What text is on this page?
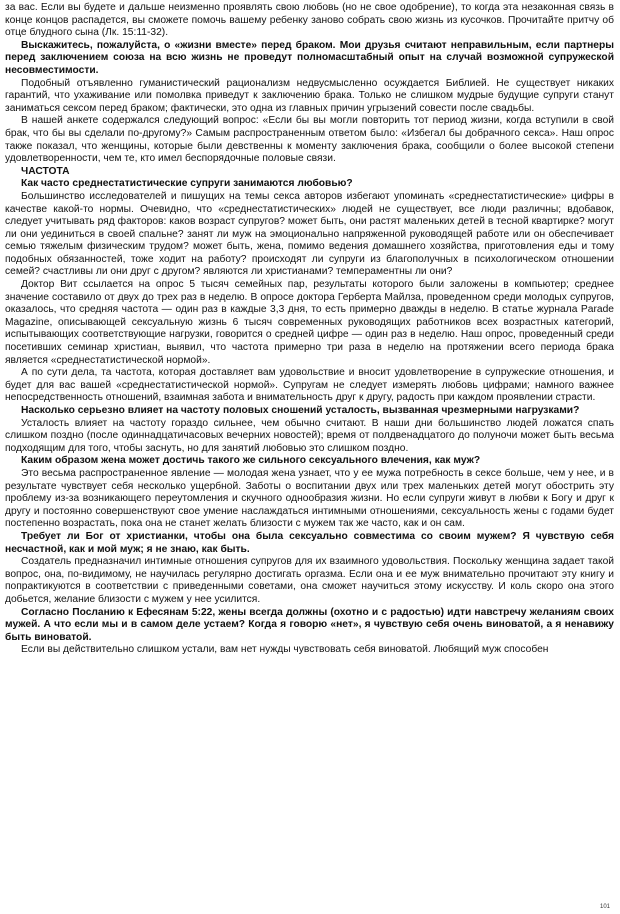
за вас. Если вы будете и дальше неизменно проявлять свою любовь (но не свое одобрение), то когда эта незаконная связь в конце концов распадется, вы сможете помочь вашему ребенку заново собрать свою жизнь из кусочков. Прочитайте притчу об отце блудного сына (Лк. 15:11-32).

Выскажитесь, пожалуйста, о «жизни вместе» перед браком. Мои друзья считают неправильным, если партнеры перед заключением союза на всю жизнь не проведут полномасштабный опыт на случай возможной супружеской несовместимости.

Подобный отъявленно гуманистический рационализм недвусмысленно осуждается Библией. Не существует никаких гарантий, что ухаживание или помолвка приведут к заключению брака. Только не слишком мудрые будущие супруги станут заниматься сексом перед браком; фактически, это одна из главных причин угрызений совести после свадьбы.

В нашей анкете содержался следующий вопрос: «Если бы вы могли повторить тот период жизни, когда вступили в свой брак, что бы вы сделали по-другому?» Самым распространенным ответом было: «Избегал бы добрачного секса». Наш опрос также показал, что женщины, которые были девственны к моменту заключения брака, сообщили о более высокой степени удовлетворенности, чем те, кто имел беспорядочные половые связи.

ЧАСТОТА

Как часто среднестатистические супруги занимаются любовью?

Большинство исследователей и пишущих на темы секса авторов избегают упоминать «среднестатистические» цифры в качестве какой-то нормы. Очевидно, что «среднестатистических» людей не существует, все люди различны; вдобавок, следует учитывать ряд факторов: каков возраст супругов? может быть, они растят маленьких детей в тесной квартирке? могут ли они уединиться в своей спальне? занят ли муж на эмоционально напряженной руководящей работе или он обеспечивает семью тяжелым физическим трудом? может быть, жена, помимо ведения домашнего хозяйства, приготовления еды и тому подобных обязанностей, тоже ходит на работу? происходят ли супруги из благополучных в психологическом отношении семей? счастливы ли они друг с другом? являются ли христианами? темпераментны ли они?

Доктор Вит ссылается на опрос 5 тысяч семейных пар, результаты которого были заложены в компьютер; среднее значение составило от двух до трех раз в неделю. В опросе доктора Герберта Майлза, проведенном среди молодых супругов, оказалось, что средняя частота — один раз в каждые 3,3 дня, то есть примерно дважды в неделю. В статье журнала Parade Magazine, описывающей сексуальную жизнь 6 тысяч современных руководящих работников всех возрастных категорий, испытывающих соответствующие нагрузки, говорится о средней цифре — один раз в неделю. Наш опрос, проведенный среди посетивших семинар христиан, выявил, что частота примерно три раза в неделю на протяжении всего периода брака является «среднестатистической нормой».

А по сути дела, та частота, которая доставляет вам удовольствие и вносит удовлетворение в супружеские отношения, и будет для вас вашей «среднестатистической нормой». Супругам не следует измерять любовь цифрами; намного важнее непосредственность отношений, взаимная забота и внимательность друг к другу, радость при каждом проявлении страсти.

Насколько серьезно влияет на частоту половых сношений усталость, вызванная чрезмерными нагрузками?

Усталость влияет на частоту гораздо сильнее, чем обычно считают. В наши дни большинство людей ложатся спать слишком поздно (после одиннадцатичасовых вечерних новостей); время от полдвенадцатого до полуночи может быть весьма подходящим для того, чтобы заснуть, но для занятий любовью это слишком поздно.

Каким образом жена может достичь такого же сильного сексуального влечения, как муж?

Это весьма распространенное явление — молодая жена узнает, что у ее мужа потребность в сексе больше, чем у нее, и в результате чувствует себя несколько ущербной. Заботы о воспитании двух или трех маленьких детей могут обострить эту проблему из-за возникающего переутомления и скучного однообразия жизни. Но если супруги живут в любви к Богу и друг к другу и постоянно совершенствуют свое умение наслаждаться интимными отношениями, сексуальность жены с годами будет постепенно возрастать, пока она не станет желать близости с мужем так же часто, как и он сам.

Требует ли Бог от христианки, чтобы она была сексуально совместима со своим мужем? Я чувствую себя несчастной, как и мой муж; я не знаю, как быть.

Создатель предназначил интимные отношения супругов для их взаимного удовольствия. Поскольку женщина задает такой вопрос, она, по-видимому, не научилась регулярно достигать оргазма. Если она и ее муж внимательно прочитают эту книгу и попрактикуются в соответствии с приведенными советами, она сможет научиться этому искусству. И коль скоро она этого добьется, желание близости с мужем у нее усилится.

Согласно Посланию к Ефесянам 5:22, жены всегда должны (охотно и с радостью) идти навстречу желаниям своих мужей. А что если мы и в самом деле устаем? Когда я говорю «нет», я чувствую себя очень виноватой, а я ненавижу быть виноватой.

Если вы действительно слишком устали, вам нет нужды чувствовать себя виноватой. Любящий муж способен

101
